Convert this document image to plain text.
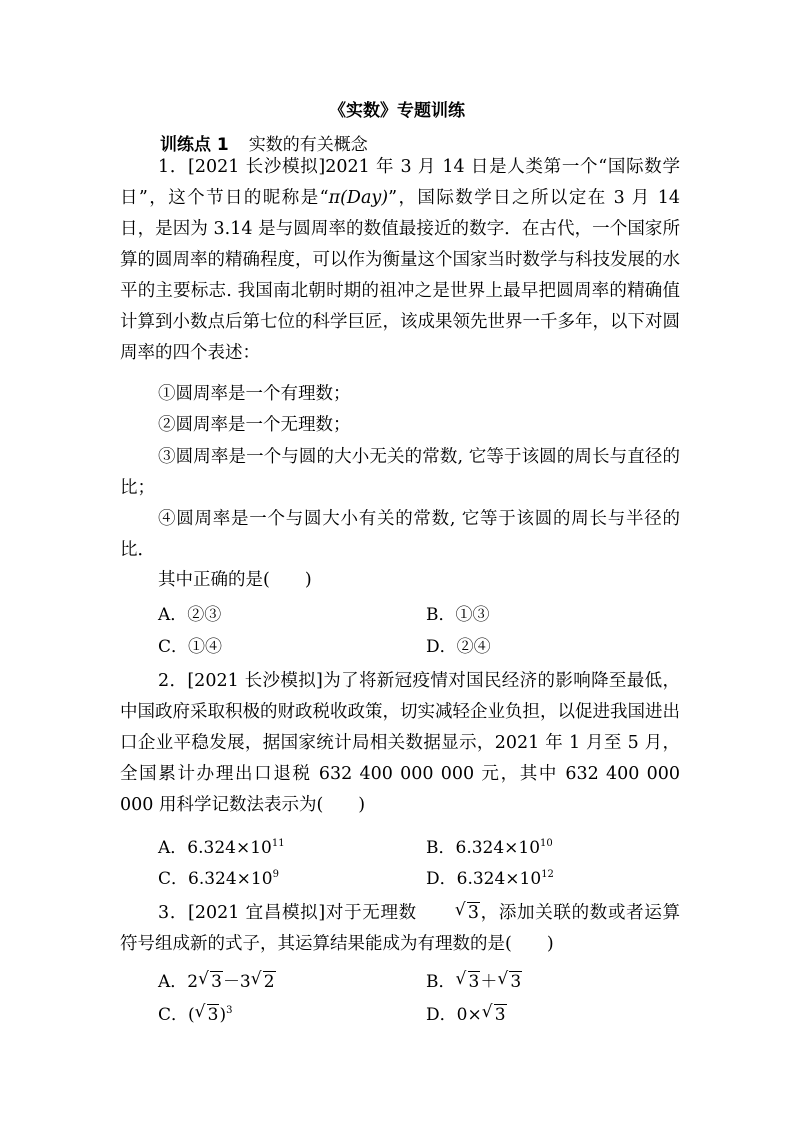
《实数》专题训练
训练点 1 实数的有关概念

1．[2021 长沙模拟]2021 年 3 月 14 日是人类第一个“国际数学日”，这个节日的昵称是“π(Day)”，国际数学日之所以定在 3 月 14 日，是因为 3.14 是与圆周率的数值最接近的数字．在古代，一个国家所算的圆周率的精确程度，可以作为衡量这个国家当时数学与科技发展的水平的主要标志. 我国南北朝时期的祖冲之是世界上最早把圆周率的精确值计算到小数点后第七位的科学巨匠，该成果领先世界一千多年，以下对圆周率的四个表述：

①圆周率是一个有理数；
②圆周率是一个无理数；

③圆周率是一个与圆的大小无关的常数, 它等于该圆的周长与直径的比；

④圆周率是一个与圆大小有关的常数, 它等于该圆的周长与半径的比．

其中正确的是(　　)
A．②③	B．①③
C．①④	D．②④

2．[2021 长沙模拟]为了将新冠疫情对国民经济的影响降至最低，中国政府采取积极的财政税收政策，切实减轻企业负担，以促进我国进出口企业平稳发展，据国家统计局相关数据显示，2021 年 1 月至 5 月，全国累计办理出口退税 632 400 000 000 元，其中 632 400 000 000 用科学记数法表示为(　　)

A．$6.324\times 10^{11}$	B．$6.324\times 10^{10}$
C．$6.324\times 10^9$	D．$6.324\times 10^{12}$

3．[2021 宜昌模拟]对于无理数	√ 3，添加关联的数或者运算符号组成新的式子，其运算结果能成为有理数的是(　　)

A．2 √ 3－3 √ 2	B． √ 3＋ √ 3
C．( √ 3)$^3$	D．0× √ 3
